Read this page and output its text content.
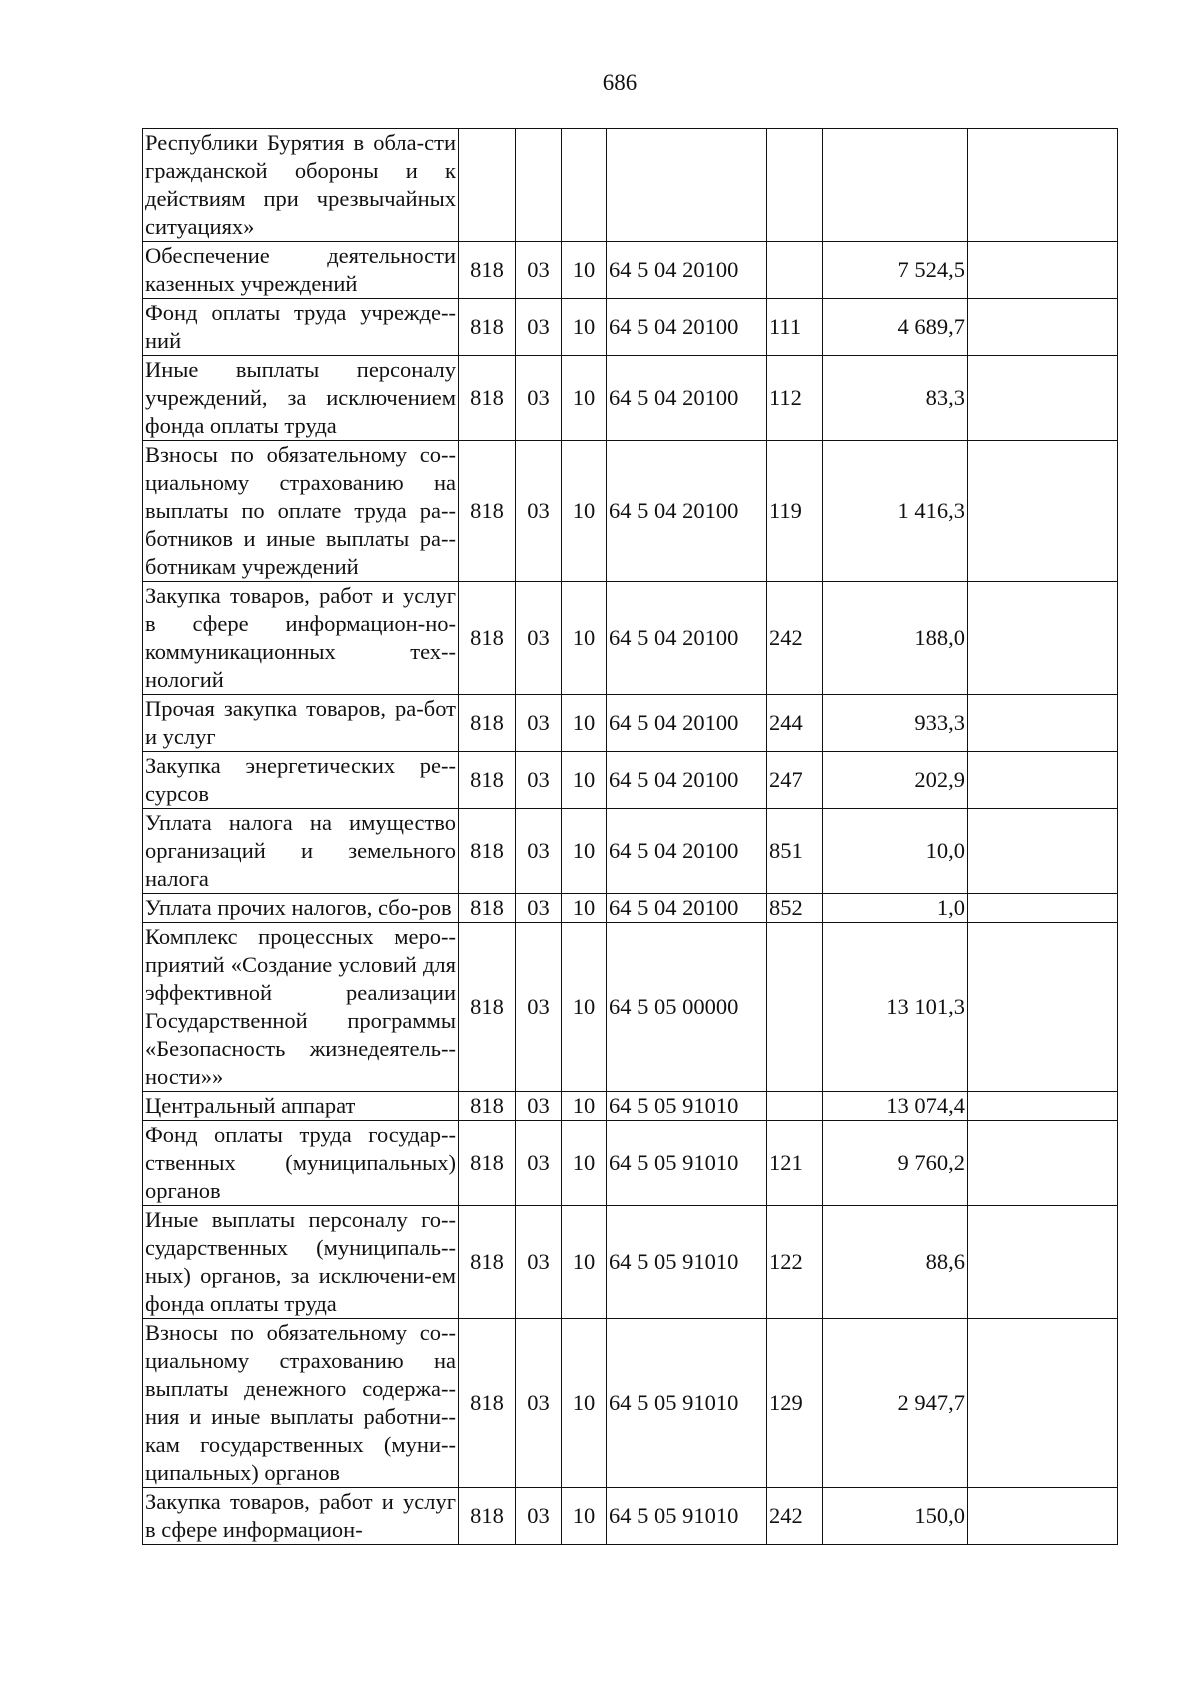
686
Республики Бурятия в обла-сти гражданской обороны и к действиям при чрезвычайных ситуациях»							
Обеспечение деятельности казенных учреждений	818	03	10	64 5 04 20100		7 524,5	
Фонд оплаты труда учрежде-ний	818	03	10	64 5 04 20100	111	4 689,7	
Иные выплаты персоналу учреждений, за исключением фонда оплаты труда	818	03	10	64 5 04 20100	112	83,3	
Взносы по обязательному со-циальному страхованию на выплаты по оплате труда ра-ботников и иные выплаты ра-ботникам учреждений	818	03	10	64 5 04 20100	119	1 416,3	
Закупка товаров, работ и услуг в сфере информацион-но-коммуникационных тех-нологий	818	03	10	64 5 04 20100	242	188,0	
Прочая закупка товаров, ра-бот и услуг	818	03	10	64 5 04 20100	244	933,3	
Закупка энергетических ре-сурсов	818	03	10	64 5 04 20100	247	202,9	
Уплата налога на имущество организаций и земельного налога	818	03	10	64 5 04 20100	851	10,0	
Уплата прочих налогов, сбо-ров	818	03	10	64 5 04 20100	852	1,0	
Комплекс процессных меро-приятий «Создание условий для эффективной реализации Государственной программы «Безопасность жизнедеятель-ности»»	818	03	10	64 5 05 00000		13 101,3	
Центральный аппарат	818	03	10	64 5 05 91010		13 074,4	
Фонд оплаты труда государ-ственных (муниципальных) органов	818	03	10	64 5 05 91010	121	9 760,2	
Иные выплаты персоналу го-сударственных (муниципаль-ных) органов, за исключени-ем фонда оплаты труда	818	03	10	64 5 05 91010	122	88,6	
Взносы по обязательному со-циальному страхованию на выплаты денежного содержа-ния и иные выплаты работни-кам государственных (муни-ципальных) органов	818	03	10	64 5 05 91010	129	2 947,7	
Закупка товаров, работ и услуг в сфере информацион-	818	03	10	64 5 05 91010	242	150,0	
